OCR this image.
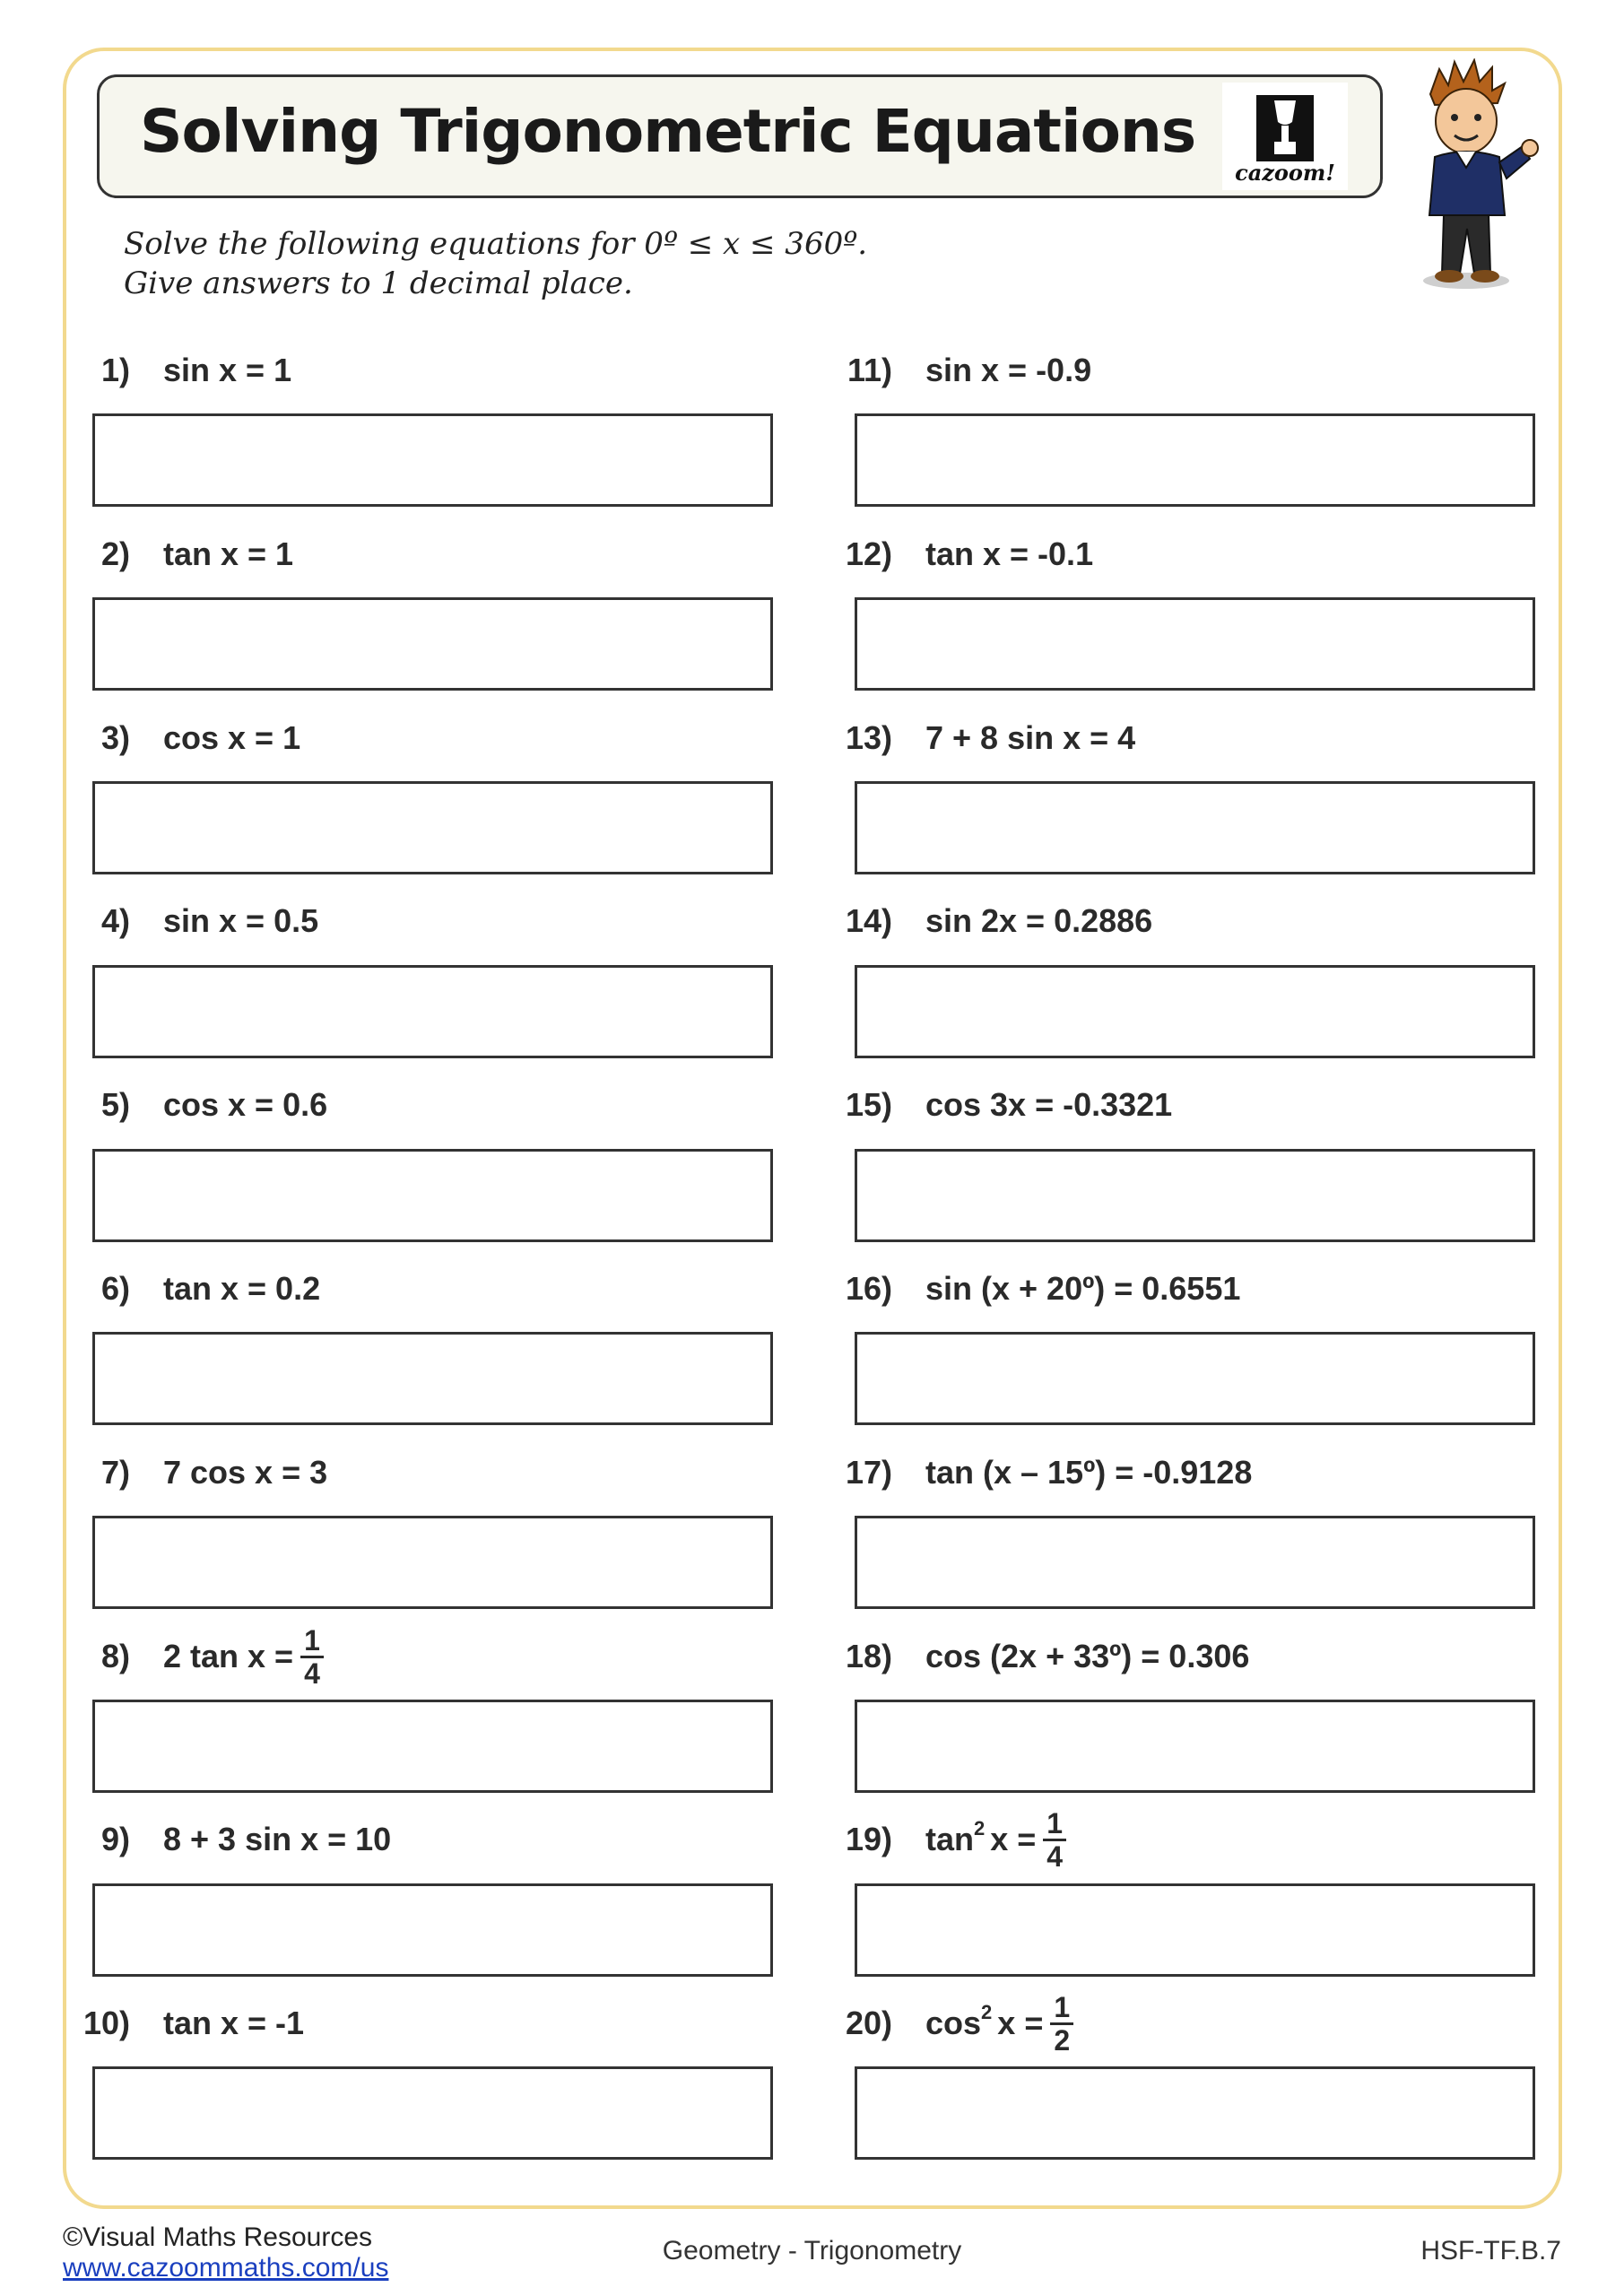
Solving Trigonometric Equations
cazoom!
Solve the following equations for 0º ≤ x ≤ 360º.
Give answers to 1 decimal place.
1) sin x = 1
2) tan x = 1
3) cos x = 1
4) sin x = 0.5
5) cos x = 0.6
6) tan x = 0.2
7) 7 cos x = 3
8) 2 $\tan x = \frac{1}{4}$
9) 8 + 3 sin x = 10
10) tan x = -1
11) sin x = -0.9
12) tan x = -0.1
13) 7 + 8 sin x = 4
14) sin 2x = 0.2886
15) cos 3x = -0.3321
16) sin (x + 20º) = 0.6551
17) tan (x – 15º) = -0.9128
18) cos (2x + 33º) = 0.306
19) tan 2 $x = \frac{1}{4}$
20) cos 2 $x = \frac{1}{2}$
©Visual Maths Resources
www.cazoommaths.com/us
Geometry - Trigonometry	HSF-TF.B.7
